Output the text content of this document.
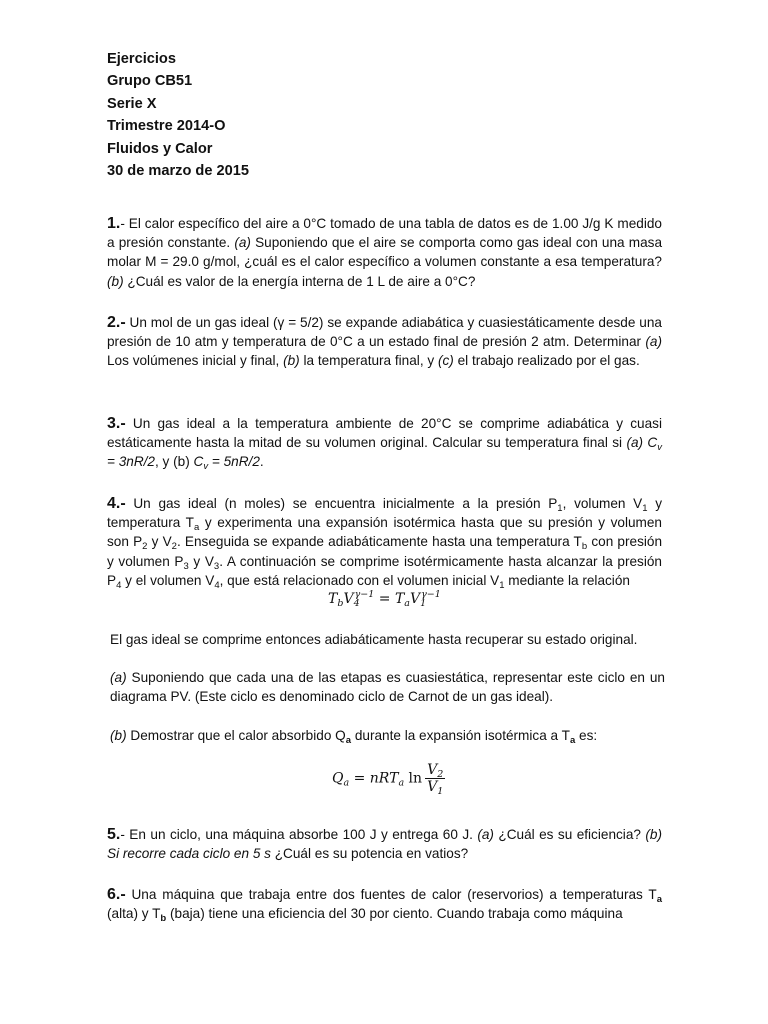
Ejercicios
Grupo CB51
Serie X
Trimestre 2014-O
Fluidos y Calor
30 de marzo de 2015
1.- El calor específico del aire a 0°C tomado de una tabla de datos es de 1.00 J/g K medido a presión constante. (a) Suponiendo que el aire se comporta como gas ideal con una masa molar M = 29.0 g/mol, ¿cuál es el calor específico a volumen constante a esa temperatura? (b) ¿Cuál es valor de la energía interna de 1 L de aire a 0°C?
2.- Un mol de un gas ideal (γ = 5/2) se expande adiabática y cuasiestáticamente desde una presión de 10 atm y temperatura de 0°C a un estado final de presión 2 atm. Determinar (a) Los volúmenes inicial y final, (b) la temperatura final, y (c) el trabajo realizado por el gas.
3.- Un gas ideal a la temperatura ambiente de 20°C se comprime adiabática y cuasi estáticamente hasta la mitad de su volumen original. Calcular su temperatura final si (a) $C_v = 3nR/2$, y (b) $C_v = 5nR/2$.
4.- Un gas ideal (n moles) se encuentra inicialmente a la presión $P_1$, volumen $V_1$ y temperatura $T_a$ y experimenta una expansión isotérmica hasta que su presión y volumen son $P_2$ y $V_2$. Enseguida se expande adiabáticamente hasta una temperatura $T_b$ con presión y volumen $P_3$ y $V_3$. A continuación se comprime isotérmicamente hasta alcanzar la presión $P_4$ y el volumen $V_4$, que está relacionado con el volumen inicial $V_1$ mediante la relación
$T_bV_4^{\gamma-1} = T_aV_1^{\gamma-1}$
El gas ideal se comprime entonces adiabáticamente hasta recuperar su estado original.
(a) Suponiendo que cada una de las etapas es cuasiestática, representar este ciclo en un diagrama PV. (Este ciclo es denominado ciclo de Carnot de un gas ideal).
(b) Demostrar que el calor absorbido $Q_a$ durante la expansión isotérmica a $T_a$ es:
$Q_a = nRT_a$ $\ln \frac{V_2}{V_1}$
5.- En un ciclo, una máquina absorbe 100 J y entrega 60 J. (a) ¿Cuál es su eficiencia? (b) Si recorre cada ciclo en 5 s ¿Cuál es su potencia en vatios?
6.- Una máquina que trabaja entre dos fuentes de calor (reservorios) a temperaturas $T_a$ (alta) y $T_b$ (baja) tiene una eficiencia del 30 por ciento. Cuando trabaja como máquina
